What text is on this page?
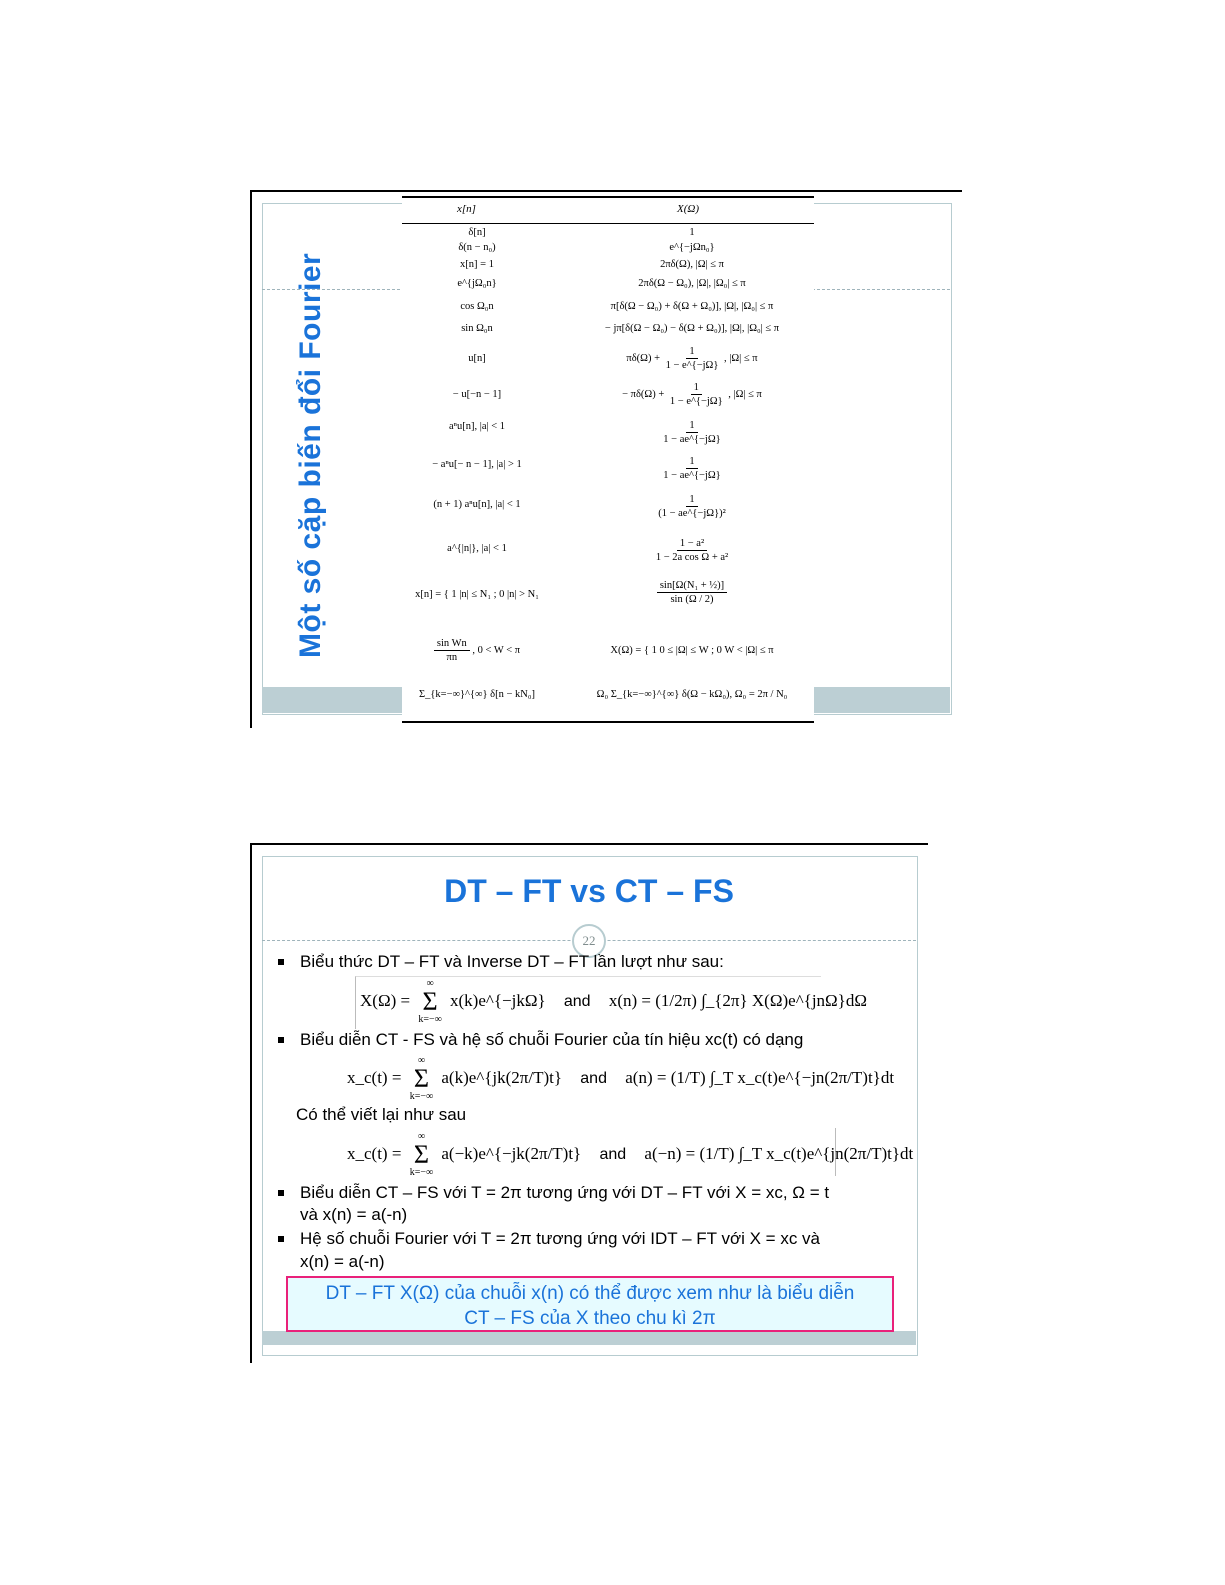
Một số cặp biến đổi Fourier
x[n]	X(Ω)
δ[n]	1
δ(n − n₀)	e^{−jΩn₀}
x[n] = 1	2πδ(Ω), |Ω| ≤ π
e^{jΩ₀n}	2πδ(Ω − Ω₀), |Ω|, |Ω₀| ≤ π
cos Ω₀n	π[δ(Ω − Ω₀) + δ(Ω + Ω₀)], |Ω|, |Ω₀| ≤ π
sin Ω₀n	− jπ[δ(Ω − Ω₀) − δ(Ω + Ω₀)], |Ω|, |Ω₀| ≤ π
u[n]	$\pi\delta(\Omega) + \frac{1}{1 - e\^{}\{-j\Omega\}}$ , |Ω| ≤ π
− u[−n − 1]	− $\pi\delta(\Omega) + \frac{1}{1 - e\^{}\{-j\Omega\}}$ , |Ω| ≤ π
aⁿu[n], |a| < 1	$\frac{1}{1 - ae\^{}\{-j\Omega\}}$
− aⁿu[− n − 1], |a| > 1	$\frac{1}{1 - ae\^{}\{-j\Omega\}}$
(n + 1) aⁿu[n], |a| < 1	$\frac{1}{\text{(1 − ae\textasciicircum{}\{−jΩ\})²}}$
a^{|n|}, |a| < 1	$\frac{\text{1 − a²}}{\text{1 − 2a cos Ω + a²}}$
x[n] = { 1 |n| ≤ N₁ ; 0 |n| > N₁	$\frac{\text{sin[Ω(N₁ + ½)]}}{\sin (\Omega / 2)}$
$\frac{\text{sin Wn}}{\pi n}$ , 0 < W < π	X(Ω) = { 1 0 ≤ |Ω| ≤ W ; 0 W < |Ω| ≤ π
Σ_{k=−∞}^{∞} δ[n − kN₀]	Ω₀ Σ_{k=−∞}^{∞} δ(Ω − kΩ₀), Ω₀ = 2π / N₀
DT – FT vs CT – FS
22
Biểu thức DT – FT và Inverse DT – FT lần lượt như sau:
X(Ω) =
∞
Σ
k=−∞
x(k)e^{−jkΩ} and x(n) = (1/2π) ∫_{2π} X(Ω)e^{jnΩ}dΩ
Biểu diễn CT - FS và hệ số chuỗi Fourier của tín hiệu xc(t) có dạng
x_c(t) =
∞
Σ
k=−∞
a(k)e^{jk(2π/T)t} and a(n) = (1/T) ∫_T x_c(t)e^{−jn(2π/T)t}dt
Có thể viết lại như sau
x_c(t) =
∞
Σ
k=−∞
a(−k)e^{−jk(2π/T)t} and a(−n) = (1/T) ∫_T x_c(t)e^{jn(2π/T)t}dt
Biểu diễn CT – FS với T = 2π tương ứng với DT – FT với X = xc, Ω = t
và x(n) = a(-n)
Hệ số chuỗi Fourier với T = 2π tương ứng với IDT – FT với X = xc và
x(n) = a(-n)
DT – FT X(Ω) của chuỗi x(n) có thể được xem như là biểu diễn
CT – FS của X theo chu kì 2π
